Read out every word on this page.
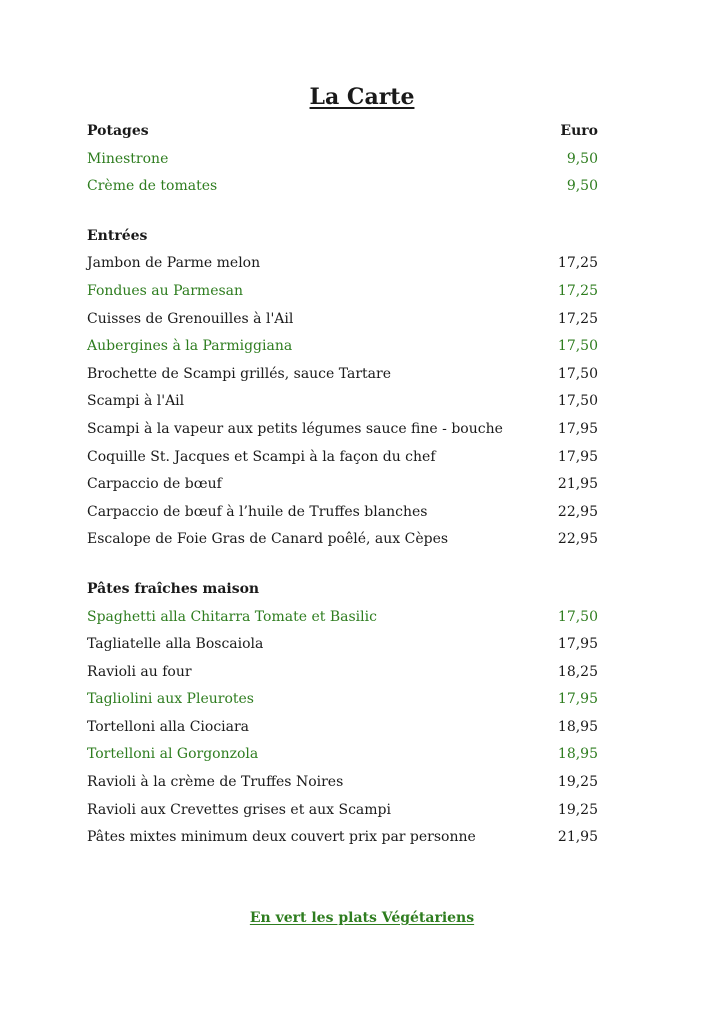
La Carte
Potages	Euro
Minestrone	9,50
Crème de tomates	9,50
Entrées
Jambon de Parme melon	17,25
Fondues au Parmesan	17,25
Cuisses de Grenouilles à l'Ail	17,25
Aubergines à la Parmiggiana	17,50
Brochette de Scampi grillés, sauce Tartare	17,50
Scampi à l'Ail	17,50
Scampi à la vapeur aux petits légumes sauce fine - bouche	17,95
Coquille St. Jacques et Scampi à la façon du chef	17,95
Carpaccio de bœuf	21,95
Carpaccio de bœuf à l’huile de Truffes blanches	22,95
Escalope de Foie Gras de Canard poêlé, aux Cèpes	22,95
Pâtes fraîches maison
Spaghetti alla Chitarra Tomate et Basilic	17,50
Tagliatelle alla Boscaiola	17,95
Ravioli au four	18,25
Tagliolini aux Pleurotes	17,95
Tortelloni alla Ciociara	18,95
Tortelloni al Gorgonzola	18,95
Ravioli à la crème de Truffes Noires	19,25
Ravioli aux Crevettes grises et aux Scampi	19,25
Pâtes mixtes minimum deux couvert prix par personne	21,95
En vert les plats Végétariens
